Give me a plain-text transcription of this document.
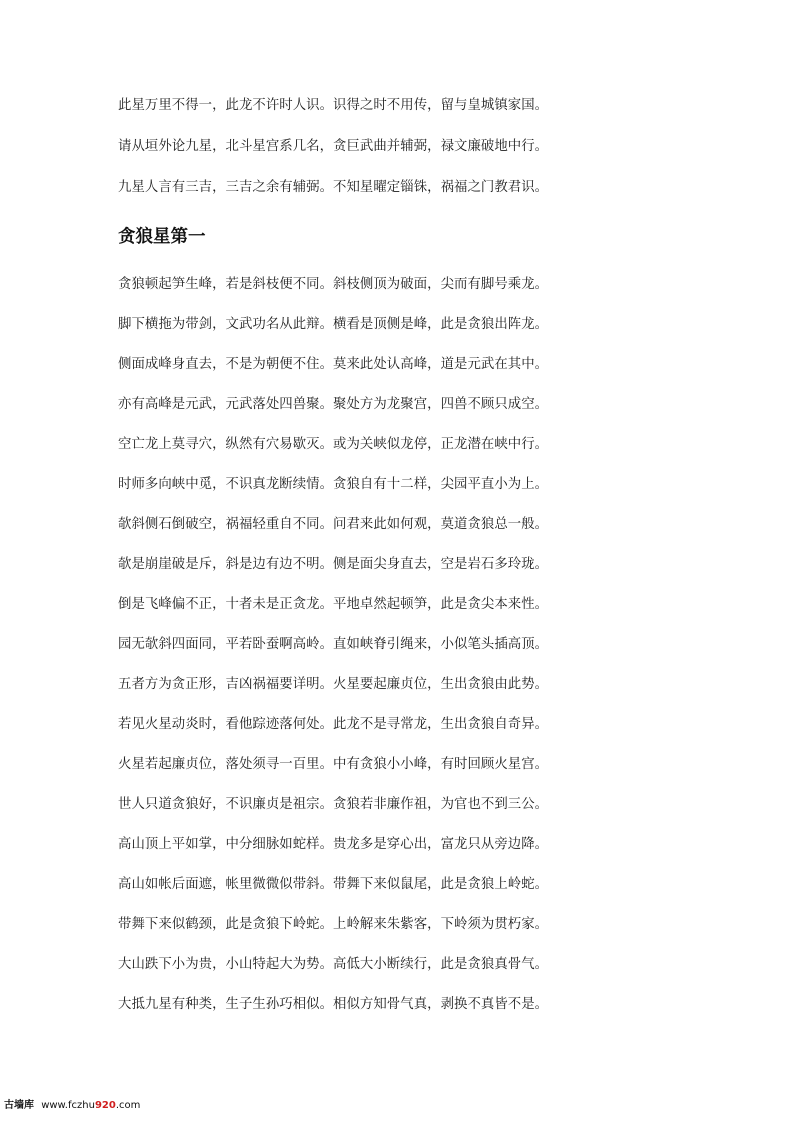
此星万里不得一，此龙不许时人识。识得之时不用传，留与皇城镇家国。
请从垣外论九星，北斗星宫系几名，贪巨武曲并辅弼，禄文廉破地中行。
九星人言有三吉，三吉之余有辅弼。不知星曜定锱铢，祸福之门教君识。
贪狼星第一
贪狼顿起笋生峰，若是斜枝便不同。斜枝侧顶为破面，尖而有脚号乘龙。
脚下横拖为带剑，文武功名从此辩。横看是顶侧是峰，此是贪狼出阵龙。
侧面成峰身直去，不是为朝便不住。莫来此处认高峰，道是元武在其中。
亦有高峰是元武，元武落处四兽聚。聚处方为龙聚宫，四兽不顾只成空。
空亡龙上莫寻穴，纵然有穴易歇灭。或为关峡似龙停，正龙潜在峡中行。
时师多向峡中觅，不识真龙断续情。贪狼自有十二样，尖园平直小为上。
欹斜侧石倒破空，祸福轻重自不同。问君来此如何观，莫道贪狼总一般。
欹是崩崖破是斥，斜是边有边不明。侧是面尖身直去，空是岩石多玲珑。
倒是飞峰偏不正，十者未是正贪龙。平地卓然起顿笋，此是贪尖本来性。
园无欹斜四面同，平若卧蚕啊高岭。直如峡脊引绳来，小似笔头插高顶。
五者方为贪正形，吉凶祸福要详明。火星要起廉贞位，生出贪狼由此势。
若见火星动炎时，看他踪迹落何处。此龙不是寻常龙，生出贪狼自奇异。
火星若起廉贞位，落处须寻一百里。中有贪狼小小峰，有时回顾火星宫。
世人只道贪狼好，不识廉贞是祖宗。贪狼若非廉作祖，为官也不到三公。
高山顶上平如掌，中分细脉如蛇样。贵龙多是穿心出，富龙只从旁边降。
高山如帐后面遮，帐里微微似带斜。带舞下来似鼠尾，此是贪狼上岭蛇。
带舞下来似鹤颈，此是贪狼下岭蛇。上岭解来朱紫客，下岭须为贯朽家。
大山跌下小为贵，小山特起大为势。高低大小断续行，此是贪狼真骨气。
大抵九星有种类，生子生孙巧相似。相似方知骨气真，剥换不真皆不是。
古墙库 www.fczhu920.com
